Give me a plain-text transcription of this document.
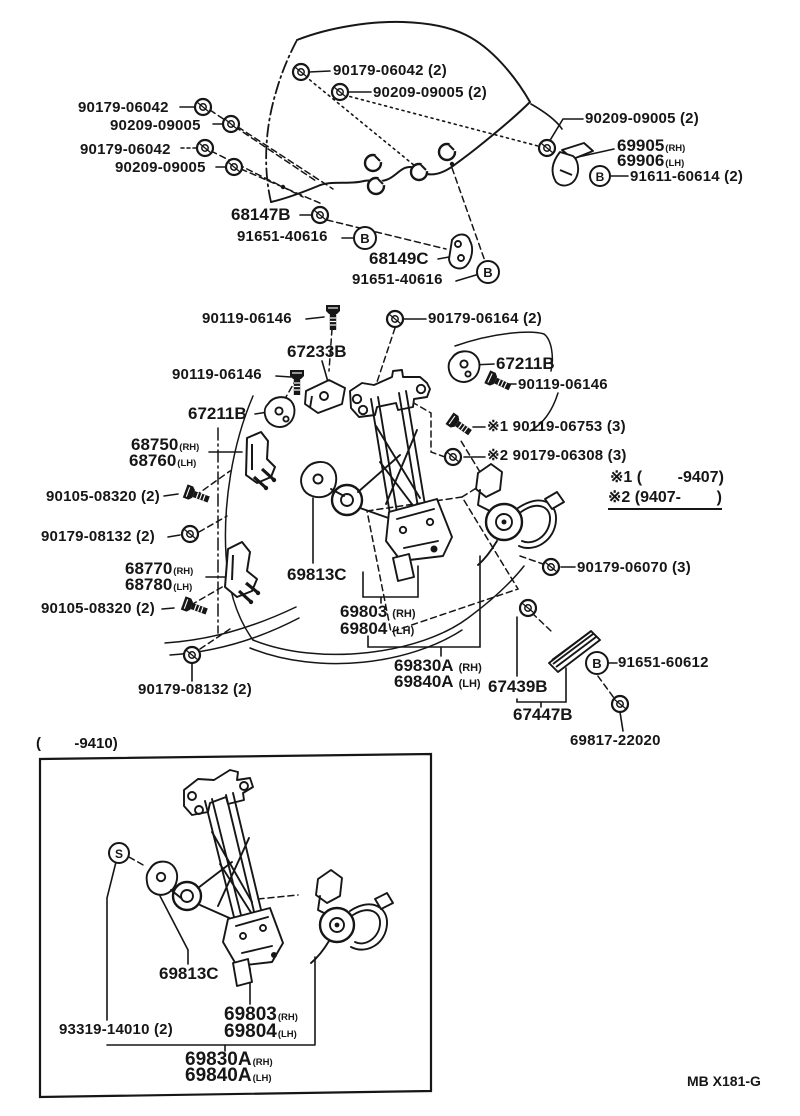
B
B
B
B
S
90179-06042 (2)
90209-09005 (2)
90179-06042
90209-09005
90179-06042
90209-09005
90209-09005 (2)
69905(RH)
69906(LH)
91611-60614 (2)
68147B
91651-40616
68149C
91651-40616
90119-06146	90179-06164 (2)
67233B
67211B
90119-06146
90119-06146
67211B
68750(RH)
68760(LH)
※1 90119-06753 (3)
※2 90179-06308 (3)
90105-08320 (2)
90179-08132 (2)
68770(RH)
68780(LH)
90105-08320 (2)
69813C	90179-06070 (3)
69803 (RH)
69804 (LH)
69830A (RH)
69840A (LH) 67439B
91651-60612
67447B
69817-22020
90179-08132 (2)
69813C
93319-14010 (2)
69803(RH)
69804(LH)
69830A(RH)
69840A(LH)
※1 (        -9407)
※2 (9407-        )
(        -9410)
MB X181-G
